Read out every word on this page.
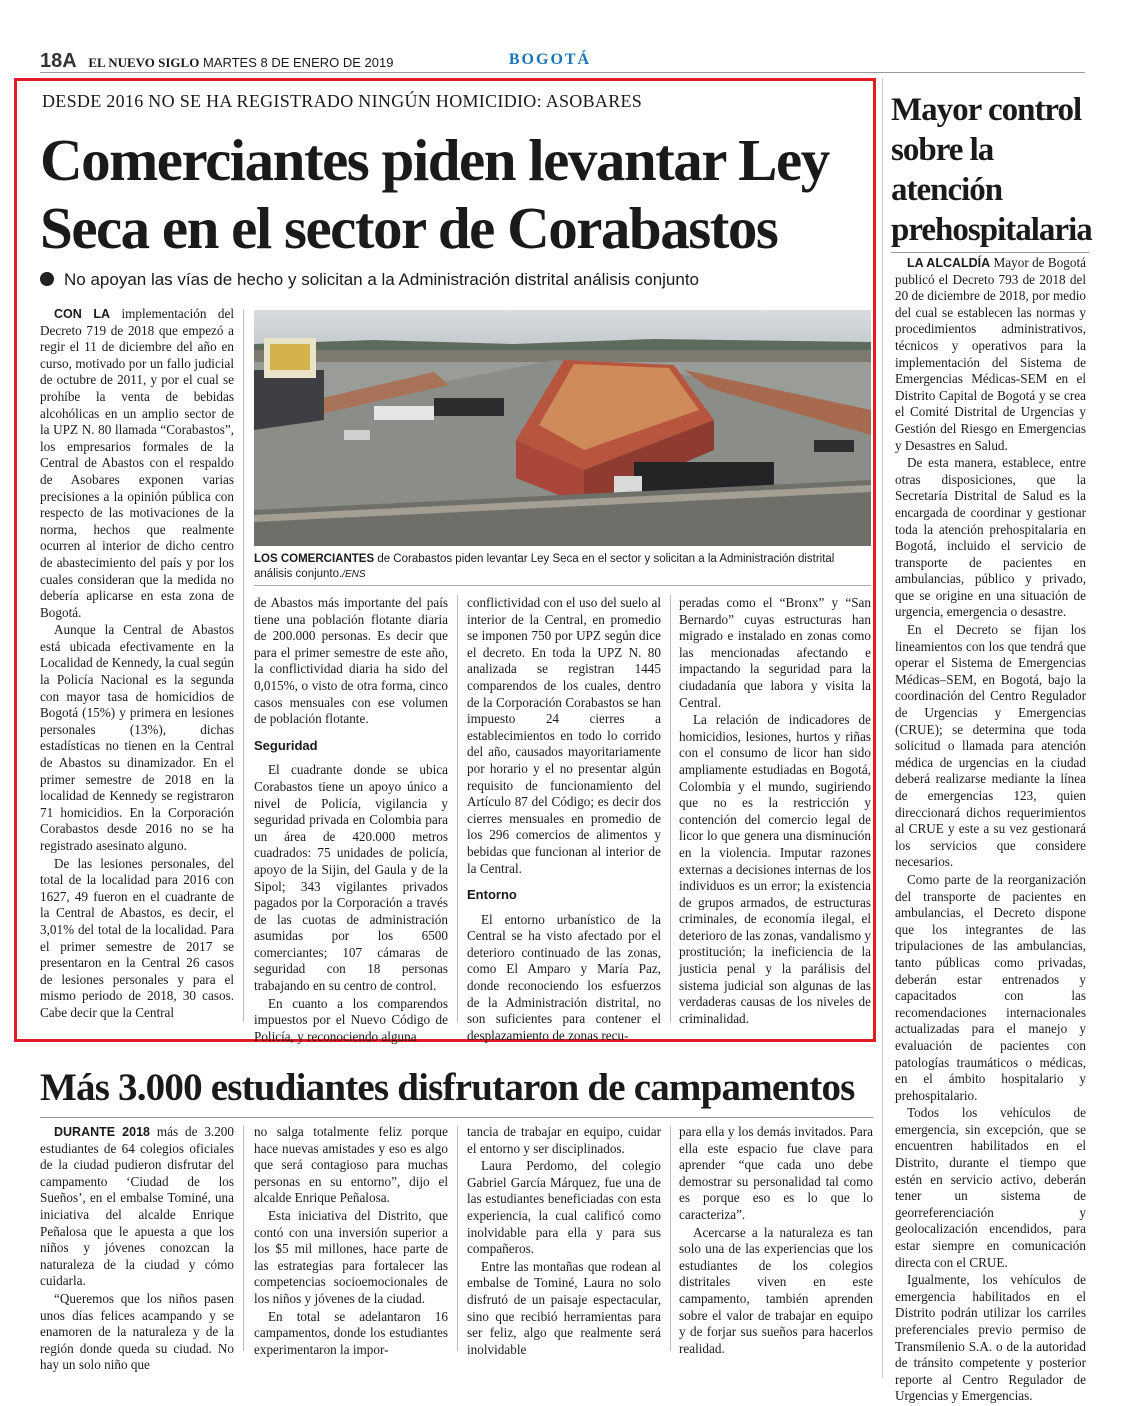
18A EL NUEVO SIGLO MARTES 8 DE ENERO DE 2019	BOGOTÁ
DESDE 2016 NO SE HA REGISTRADO NINGÚN HOMICIDIO: ASOBARES
Comerciantes piden levantar Ley Seca en el sector de Corabastos
No apoyan las vías de hecho y solicitan a la Administración distrital análisis conjunto

CON LA implementación del Decreto 719 de 2018 que empezó a regir el 11 de diciembre del año en curso, motivado por un fallo judicial de octubre de 2011, y por el cual se prohíbe la venta de bebidas alcohólicas en un amplio sector de la UPZ N. 80 llamada “Corabastos”, los empresarios formales de la Central de Abastos con el respaldo de Asobares exponen varias precisiones a la opinión pública con respecto de las motivaciones de la norma, hechos que realmente ocurren al interior de dicho centro de abastecimiento del país y por los cuales consideran que la medida no debería aplicarse en esta zona de Bogotá.

Aunque la Central de Abastos está ubicada efectivamente en la Localidad de Kennedy, la cual según la Policía Nacional es la segunda con mayor tasa de homicidios de Bogotá (15%) y primera en lesiones personales (13%), dichas estadísticas no tienen en la Central de Abastos su dinamizador. En el primer semestre de 2018 en la localidad de Kennedy se registraron 71 homicidios. En la Corporación Corabastos desde 2016 no se ha registrado asesinato alguno.

De las lesiones personales, del total de la localidad para 2016 con 1627, 49 fueron en el cuadrante de la Central de Abastos, es decir, el 3,01% del total de la localidad. Para el primer semestre de 2017 se presentaron en la Central 26 casos de lesiones personales y para el mismo periodo de 2018, 30 casos. Cabe decir que la Central

LOS COMERCIANTES de Corabastos piden levantar Ley Seca en el sector y solicitan a la Administración distrital análisis conjunto./ENS

de Abastos más importante del país tiene una población flotante diaria de 200.000 personas. Es decir que para el primer semestre de este año, la conflictividad diaria ha sido del 0,015%, o visto de otra forma, cinco casos mensuales con ese volumen de población flotante.

Seguridad

El cuadrante donde se ubica Corabastos tiene un apoyo único a nivel de Policía, vigilancia y seguridad privada en Colombia para un área de 420.000 metros cuadrados: 75 unidades de policía, apoyo de la Sijin, del Gaula y de la Sipol; 343 vigilantes privados pagados por la Corporación a través de las cuotas de administración asumidas por los 6500 comerciantes; 107 cámaras de seguridad con 18 personas trabajando en su centro de control.

En cuanto a los comparendos impuestos por el Nuevo Código de Policía, y reconociendo alguna

conflictividad con el uso del suelo al interior de la Central, en promedio se imponen 750 por UPZ según dice el decreto. En toda la UPZ N. 80 analizada se registran 1445 comparendos de los cuales, dentro de la Corporación Corabastos se han impuesto 24 cierres a establecimientos en todo lo corrido del año, causados mayoritariamente por horario y el no presentar algún requisito de funcionamiento del Artículo 87 del Código; es decir dos cierres mensuales en promedio de los 296 comercios de alimentos y bebidas que funcionan al interior de la Central.

Entorno

El entorno urbanístico de la Central se ha visto afectado por el deterioro continuado de las zonas, como El Amparo y María Paz, donde reconociendo los esfuerzos de la Administración distrital, no son suficientes para contener el desplazamiento de zonas recu-

peradas como el “Bronx” y “San Bernardo” cuyas estructuras han migrado e instalado en zonas como las mencionadas afectando e impactando la seguridad para la ciudadanía que labora y visita la Central.

La relación de indicadores de homicidios, lesiones, hurtos y riñas con el consumo de licor han sido ampliamente estudiadas en Bogotá, Colombia y el mundo, sugiriendo que no es la restricción y contención del comercio legal de licor lo que genera una disminución en la violencia. Imputar razones externas a decisiones internas de los individuos es un error; la existencia de grupos armados, de estructuras criminales, de economía ilegal, el deterioro de las zonas, vandalismo y prostitución; la ineficiencia de la justicia penal y la parálisis del sistema judicial son algunas de las verdaderas causas de los niveles de criminalidad.

Mayor control sobre la atención prehospitalaria

LA ALCALDÍA Mayor de Bogotá publicó el Decreto 793 de 2018 del 20 de diciembre de 2018, por medio del cual se establecen las normas y procedimientos administrativos, técnicos y operativos para la implementación del Sistema de Emergencias Médicas-SEM en el Distrito Capital de Bogotá y se crea el Comité Distrital de Urgencias y Gestión del Riesgo en Emergencias y Desastres en Salud.

De esta manera, establece, entre otras disposiciones, que la Secretaría Distrital de Salud es la encargada de coordinar y gestionar toda la atención prehospitalaria en Bogotá, incluido el servicio de transporte de pacientes en ambulancias, público y privado, que se origine en una situación de urgencia, emergencia o desastre.

En el Decreto se fijan los lineamientos con los que tendrá que operar el Sistema de Emergencias Médicas–SEM, en Bogotá, bajo la coordinación del Centro Regulador de Urgencias y Emergencias (CRUE); se determina que toda solicitud o llamada para atención médica de urgencias en la ciudad deberá realizarse mediante la línea de emergencias 123, quien direccionará dichos requerimientos al CRUE y este a su vez gestionará los servicios que considere necesarios.

Como parte de la reorganización del transporte de pacientes en ambulancias, el Decreto dispone que los integrantes de las tripulaciones de las ambulancias, tanto públicas como privadas, deberán estar entrenados y capacitados con las recomendaciones internacionales actualizadas para el manejo y evaluación de pacientes con patologías traumáticos o médicas, en el ámbito hospitalario y prehospitalario.

Todos los vehículos de emergencia, sin excepción, que se encuentren habilitados en el Distrito, durante el tiempo que estén en servicio activo, deberán tener un sistema de georreferenciación y geolocalización encendidos, para estar siempre en comunicación directa con el CRUE.

Igualmente, los vehículos de emergencia habilitados en el Distrito podrán utilizar los carriles preferenciales previo permiso de Transmilenio S.A. o de la autoridad de tránsito competente y posterior reporte al Centro Regulador de Urgencias y Emergencias.

Más 3.000 estudiantes disfrutaron de campamentos

DURANTE 2018 más de 3.200 estudiantes de 64 colegios oficiales de la ciudad pudieron disfrutar del campamento ‘Ciudad de los Sueños’, en el embalse Tominé, una iniciativa del alcalde Enrique Peñalosa que le apuesta a que los niños y jóvenes conozcan la naturaleza de la ciudad y cómo cuidarla.

“Queremos que los niños pasen unos días felices acampando y se enamoren de la naturaleza y de la región donde queda su ciudad. No hay un solo niño que

no salga totalmente feliz porque hace nuevas amistades y eso es algo que será contagioso para muchas personas en su entorno”, dijo el alcalde Enrique Peñalosa.

Esta iniciativa del Distrito, que contó con una inversión superior a los $5 mil millones, hace parte de las estrategias para fortalecer las competencias socioemocionales de los niños y jóvenes de la ciudad.

En total se adelantaron 16 campamentos, donde los estudiantes experimentaron la impor-

tancia de trabajar en equipo, cuidar el entorno y ser disciplinados.

Laura Perdomo, del colegio Gabriel García Márquez, fue una de las estudiantes beneficiadas con esta experiencia, la cual calificó como inolvidable para ella y para sus compañeros.

Entre las montañas que rodean al embalse de Tominé, Laura no solo disfrutó de un paisaje espectacular, sino que recibió herramientas para ser feliz, algo que realmente será inolvidable

para ella y los demás invitados. Para ella este espacio fue clave para aprender “que cada uno debe demostrar su personalidad tal como es porque eso es lo que lo caracteriza”.

Acercarse a la naturaleza es tan solo una de las experiencias que los estudiantes de los colegios distritales viven en este campamento, también aprenden sobre el valor de trabajar en equipo y de forjar sus sueños para hacerlos realidad.
